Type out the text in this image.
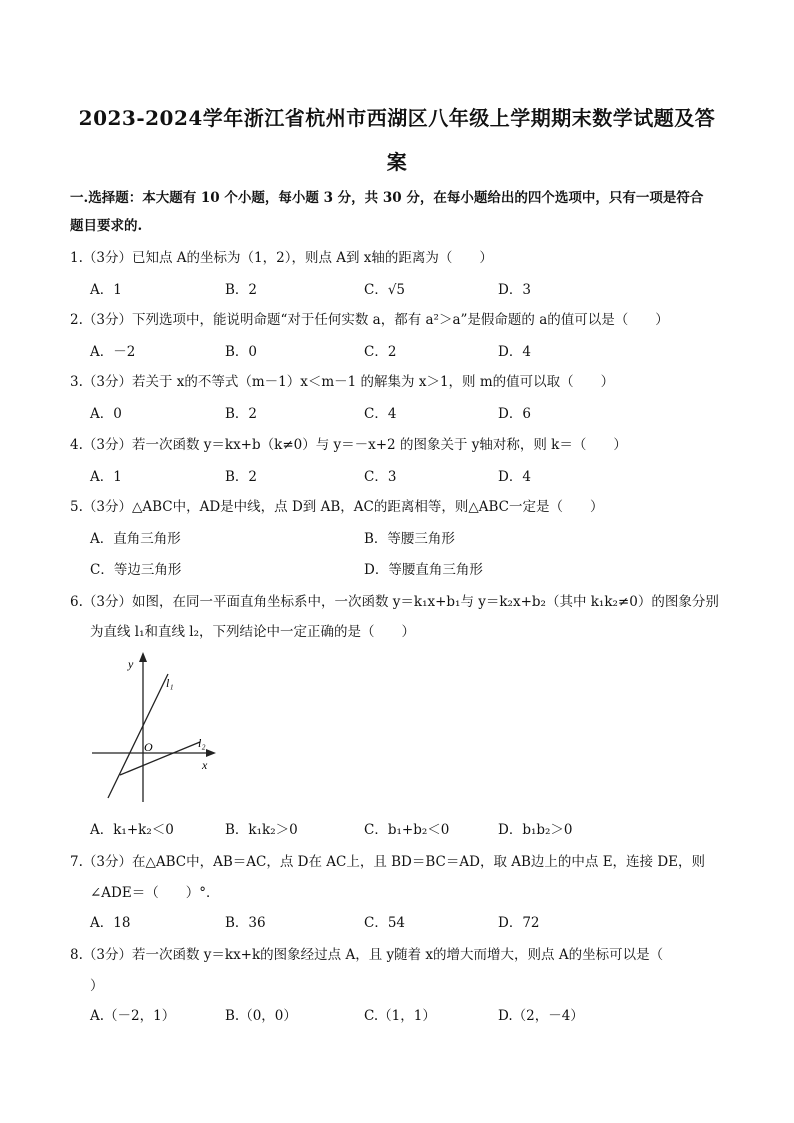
2023-2024学年浙江省杭州市西湖区八年级上学期期末数学试题及答
案
一.选择题：本大题有 10 个小题，每小题 3 分，共 30 分，在每小题给出的四个选项中，只有一项是符合
题目要求的.
1.（3分）已知点 A的坐标为（1，2），则点 A到 x轴的距离为（　　）
A．1	B．2	C．√5	D．3
2.（3分）下列选项中，能说明命题“对于任何实数 a，都有 a²＞a”是假命题的 a的值可以是（　　）
A．－2	B．0	C．2	D．4
3.（3分）若关于 x的不等式（m－1）x＜m－1 的解集为 x＞1，则 m的值可以取（　　）
A．0	B．2	C．4	D．6
4.（3分）若一次函数 y＝kx+b（k≠0）与 y＝－x+2 的图象关于 y轴对称，则 k＝（　　）
A．1	B．2	C．3	D．4
5.（3分）△ABC中，AD是中线，点 D到 AB，AC的距离相等，则△ABC一定是（　　）
A．直角三角形	B．等腰三角形
C．等边三角形	D．等腰直角三角形
6.（3分）如图，在同一平面直角坐标系中，一次函数 y＝k₁x+b₁与 y＝k₂x+b₂（其中 k₁k₂≠0）的图象分别
为直线 l₁和直线 l₂，下列结论中一定正确的是（　　）
y
x
O
l₁
l₂
A．k₁+k₂＜0	B．k₁k₂＞0	C．b₁+b₂＜0	D．b₁b₂＞0
7.（3分）在△ABC中，AB＝AC，点 D在 AC上，且 BD＝BC＝AD，取 AB边上的中点 E，连接 DE，则
∠ADE＝（　　）°．
A．18	B．36	C．54	D．72
8.（3分）若一次函数 y＝kx+k的图象经过点 A，且 y随着 x的增大而增大，则点 A的坐标可以是（
）
A.（－2，1）	B.（0，0）	C.（1，1）	D.（2，－4）
